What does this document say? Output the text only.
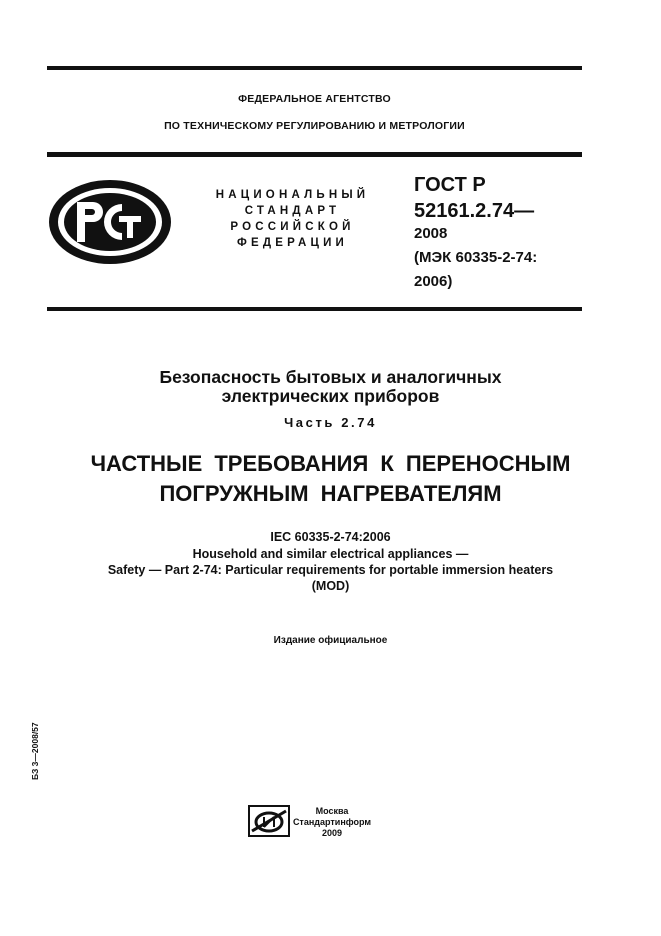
ФЕДЕРАЛЬНОЕ АГЕНТСТВО
ПО ТЕХНИЧЕСКОМУ РЕГУЛИРОВАНИЮ И МЕТРОЛОГИИ
НАЦИОНАЛЬНЫЙ
СТАНДАРТ
РОССИЙСКОЙ
ФЕДЕРАЦИИ
ГОСТ Р
52161.2.74—
2008
(МЭК 60335-2-74:
2006)
Безопасность бытовых и аналогичных
электрических приборов
Часть 2.74
ЧАСТНЫЕ ТРЕБОВАНИЯ К ПЕРЕНОСНЫМ
ПОГРУЖНЫМ НАГРЕВАТЕЛЯМ
IEC 60335-2-74:2006
Household and similar electrical appliances —
Safety — Part 2-74: Particular requirements for portable immersion heaters
(MOD)
Издание официальное
БЗ 3—2008/57
Москва
Стандартинформ
2009
